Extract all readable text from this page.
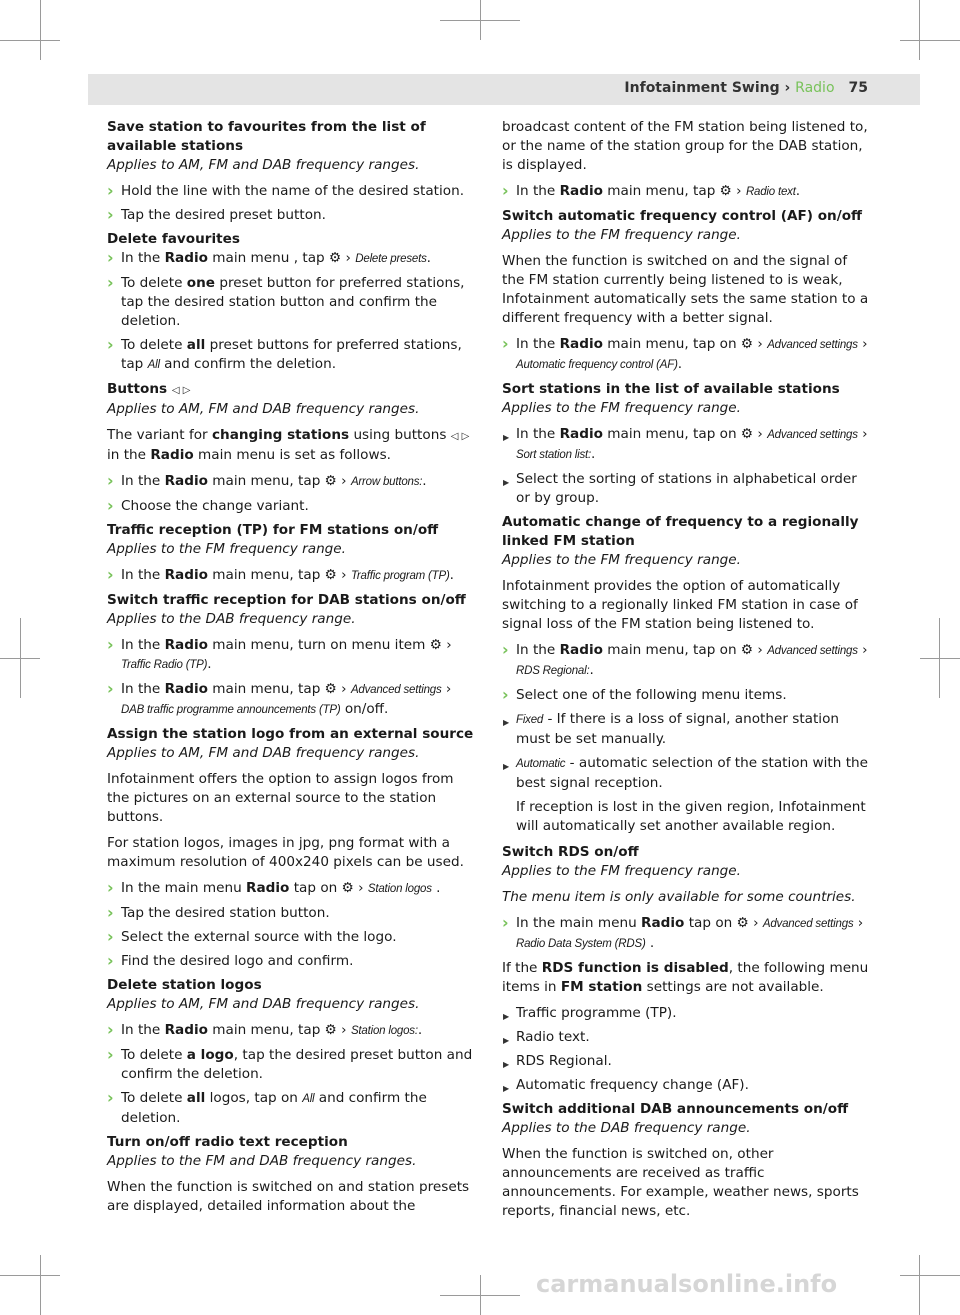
Infotainment Swing › Radio 75

Save station to favourites from the list of available stations

Applies to AM, FM and DAB frequency ranges.

› Hold the line with the name of the desired station.

› Tap the desired preset button.

Delete favourites

› In the Radio main menu , tap ⚙ › Delete presets.

› To delete one preset button for preferred stations, tap the desired station button and confirm the deletion.

› To delete all preset buttons for preferred stations, tap All and confirm the deletion.

Buttons ◁ ▷

Applies to AM, FM and DAB frequency ranges.

The variant for changing stations using buttons ◁ ▷ in the Radio main menu is set as follows.

› In the Radio main menu, tap ⚙ › Arrow buttons:.

› Choose the change variant.

Traffic reception (TP) for FM stations on/off

Applies to the FM frequency range.

› In the Radio main menu, tap ⚙ › Traffic program (TP).

Switch traffic reception for DAB stations on/off

Applies to the DAB frequency range.

› In the Radio main menu, turn on menu item ⚙ › Traffic Radio (TP).

› In the Radio main menu, tap ⚙ › Advanced settings › DAB traffic programme announcements (TP) on/off.

Assign the station logo from an external source

Applies to AM, FM and DAB frequency ranges.

Infotainment offers the option to assign logos from the pictures on an external source to the station buttons.

For station logos, images in jpg, png format with a maximum resolution of 400x240 pixels can be used.

› In the main menu Radio tap on ⚙ › Station logos .

› Tap the desired station button.

› Select the external source with the logo.

› Find the desired logo and confirm.

Delete station logos

Applies to AM, FM and DAB frequency ranges.

› In the Radio main menu, tap ⚙ › Station logos:.

› To delete a logo, tap the desired preset button and confirm the deletion.

› To delete all logos, tap on All and confirm the deletion.

Turn on/off radio text reception

Applies to the FM and DAB frequency ranges.

When the function is switched on and station presets are displayed, detailed information about the

broadcast content of the FM station being listened to, or the name of the station group for the DAB station, is displayed.

› In the Radio main menu, tap ⚙ › Radio text.

Switch automatic frequency control (AF) on/off

Applies to the FM frequency range.

When the function is switched on and the signal of the FM station currently being listened to is weak, Infotainment automatically sets the same station to a different frequency with a better signal.

› In the Radio main menu, tap on ⚙ › Advanced settings › Automatic frequency control (AF).

Sort stations in the list of available stations

Applies to the FM frequency range.

▶ In the Radio main menu, tap on ⚙ › Advanced settings › Sort station list:.

▶ Select the sorting of stations in alphabetical order or by group.

Automatic change of frequency to a regionally linked FM station

Applies to the FM frequency range.

Infotainment provides the option of automatically switching to a regionally linked FM station in case of signal loss of the FM station being listened to.

› In the Radio main menu, tap on ⚙ › Advanced settings › RDS Regional:.

› Select one of the following menu items.

▶ Fixed - If there is a loss of signal, another station must be set manually.

▶ Automatic - automatic selection of the station with the best signal reception.

If reception is lost in the given region, Infotainment will automatically set another available region.

Switch RDS on/off

Applies to the FM frequency range.

The menu item is only available for some countries.

› In the main menu Radio tap on ⚙ › Advanced settings › Radio Data System (RDS) .

If the RDS function is disabled, the following menu items in FM station settings are not available.

▶ Traffic programme (TP).

▶ Radio text.

▶ RDS Regional.

▶ Automatic frequency change (AF).

Switch additional DAB announcements on/off

Applies to the DAB frequency range.

When the function is switched on, other announcements are received as traffic announcements. For example, weather news, sports reports, financial news, etc.

carmanualsonline.info
